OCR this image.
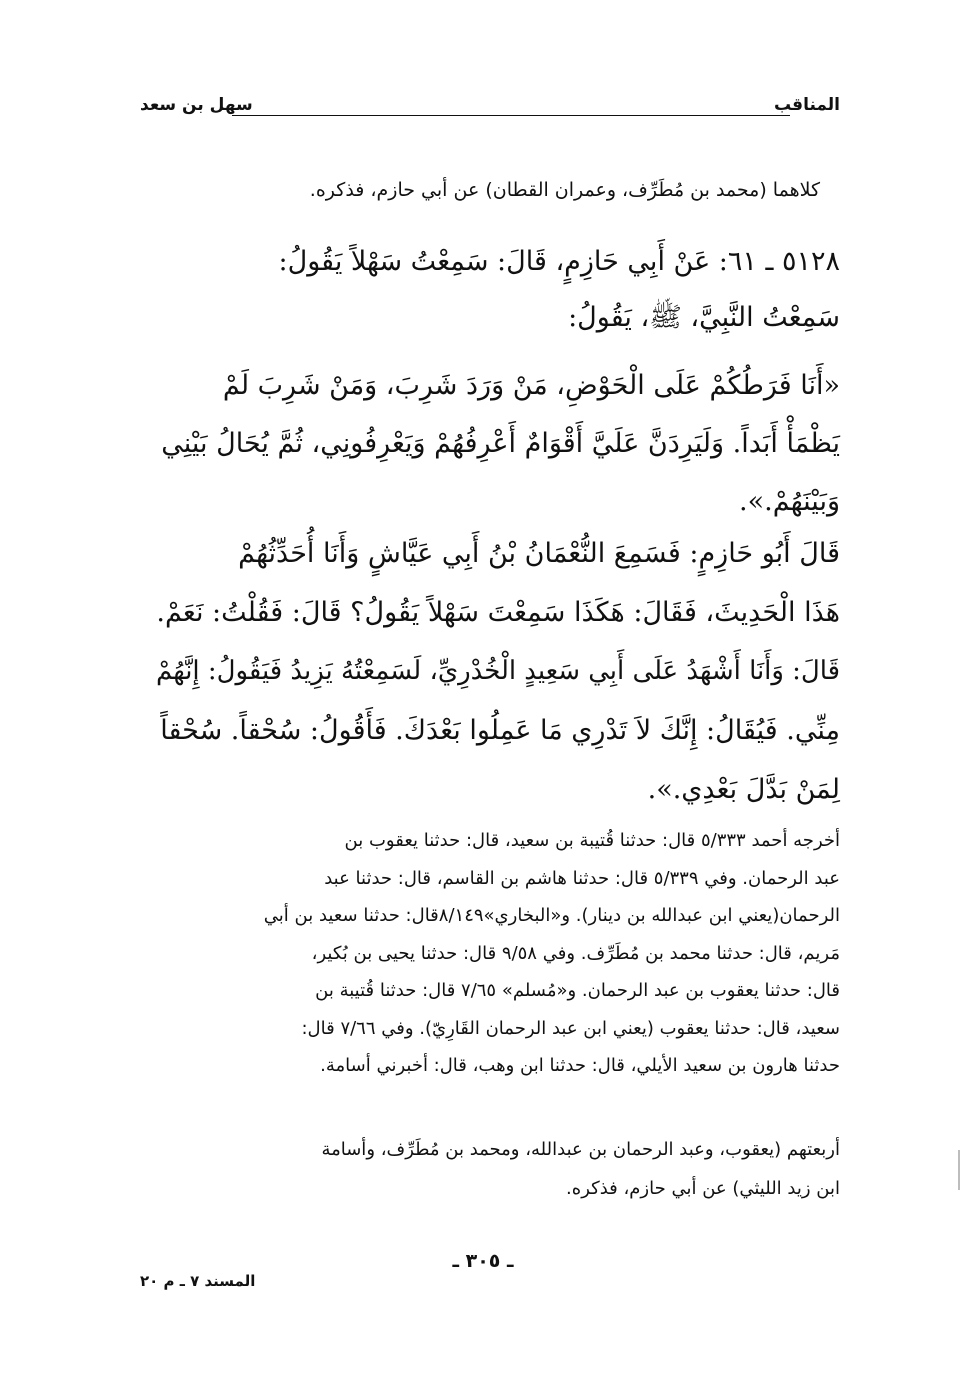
المناقب
سهل بن سعد
كلاهما (محمد بن مُطَرِّف، وعمران القطان) عن أبي حازم، فذكره.
٥١٢٨ ـ ٦١: عَنْ أَبِي حَازِمٍ، قَالَ: سَمِعْتُ سَهْلاً يَقُولُ:
سَمِعْتُ النَّبِيَّ، ﷺ، يَقُولُ:
«أَنَا فَرَطُكُمْ عَلَى الْحَوْضِ، مَنْ وَرَدَ شَرِبَ، وَمَنْ شَرِبَ لَمْ
يَظْمَأْ أَبَداً. وَلَيَرِدَنَّ عَلَيَّ أَقْوَامٌ أَعْرِفُهُمْ وَيَعْرِفُونِي، ثُمَّ يُحَالُ بَيْنِي
وَبَيْنَهُمْ.».
قَالَ أَبُو حَازِمٍ: فَسَمِعَ النُّعْمَانُ بْنُ أَبِي عَيَّاشٍ وَأَنَا أُحَدِّثُهُمْ
هَذَا الْحَدِيثَ، فَقَالَ: هَكَذَا سَمِعْتَ سَهْلاً يَقُولُ؟ قَالَ: فَقُلْتُ: نَعَمْ.
قَالَ: وَأَنَا أَشْهَدُ عَلَى أَبِي سَعِيدٍ الْخُدْرِيِّ، لَسَمِعْتُهُ يَزِيدُ فَيَقُولُ: إِنَّهُمْ
مِنِّي. فَيُقَالُ: إِنَّكَ لاَ تَدْرِي مَا عَمِلُوا بَعْدَكَ. فَأَقُولُ: سُحْقاً. سُحْقاً
لِمَنْ بَدَّلَ بَعْدِي.».
أخرجه أحمد ٥/٣٣٣ قال: حدثنا قُتيبة بن سعيد، قال: حدثنا يعقوب بن
عبد الرحمان. وفي ٥/٣٣٩ قال: حدثنا هاشم بن القاسم، قال: حدثنا عبد
الرحمان(يعني ابن عبدالله بن دينار). و«البخاري»٨/١٤٩قال: حدثنا سعيد بن أبي
مَريم، قال: حدثنا محمد بن مُطَرِّف. وفي ٩/٥٨ قال: حدثنا يحيى بن بُكير،
قال: حدثنا يعقوب بن عبد الرحمان. و«مُسلم» ٧/٦٥ قال: حدثنا قُتيبة بن
سعيد، قال: حدثنا يعقوب (يعني ابن عبد الرحمان القَارِيّ). وفي ٧/٦٦ قال:
حدثنا هارون بن سعيد الأيلي، قال: حدثنا ابن وهب، قال: أخبرني أسامة.
أربعتهم (يعقوب، وعبد الرحمان بن عبدالله، ومحمد بن مُطَرِّف، وأسامة
ابن زيد الليثي) عن أبي حازم، فذكره.
ـ ٣٠٥ ـ
المسند ٧ ـ م ٢٠
